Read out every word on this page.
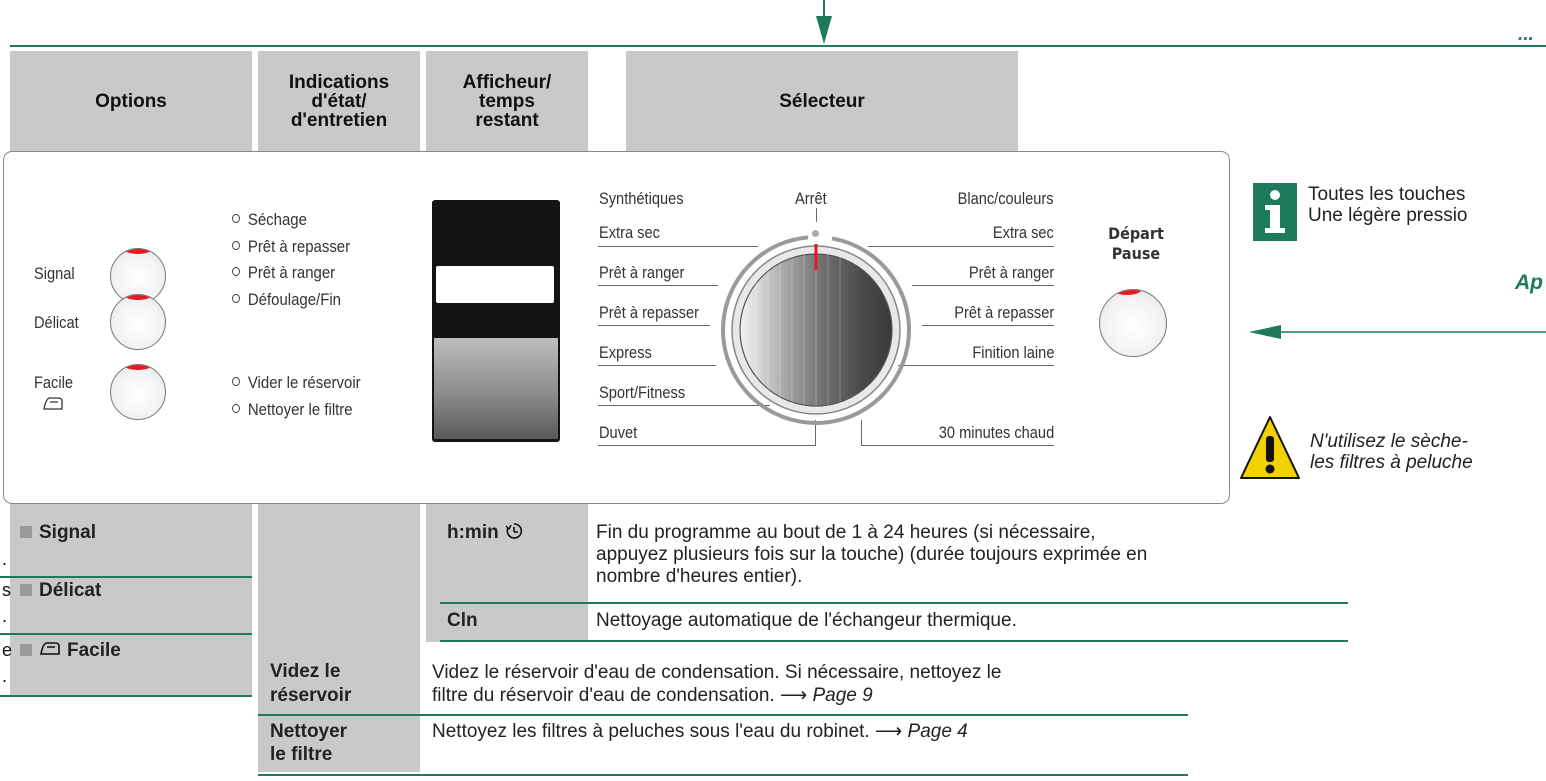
...
Options
Indications d'état/ d'entretien
Afficheur/ temps restant
Sélecteur
Signal
Délicat
Facile
Séchage
Prêt à repasser
Prêt à ranger
Défoulage/Fin
Vider le réservoir
Nettoyer le filtre
Synthétiques
Extra sec
Prêt à ranger
Prêt à repasser
Express
Sport/Fitness
Duvet
Arrêt	Blanc/couleurs
Extra sec
Prêt à ranger
Prêt à repasser
Finition laine
30 minutes chaud
Départ
Pause
Toutes les touches
Une légère pressio
Ap
N'utilisez le sèche-
les filtres à peluche
Signal
Délicat
Facile
.
s
.
e
.
h:min	Fin du programme au bout de 1 à 24 heures (si nécessaire,
appuyez plusieurs fois sur la touche) (durée toujours exprimée en
nombre d'heures entier).
Cln	Nettoyage automatique de l'échangeur thermique.
Videz le
réservoir
Videz le réservoir d'eau de condensation. Si nécessaire, nettoyez le
filtre du réservoir d'eau de condensation. ⟶ Page 9
Nettoyer
le filtre
Nettoyez les filtres à peluches sous l'eau du robinet. ⟶ Page 4
